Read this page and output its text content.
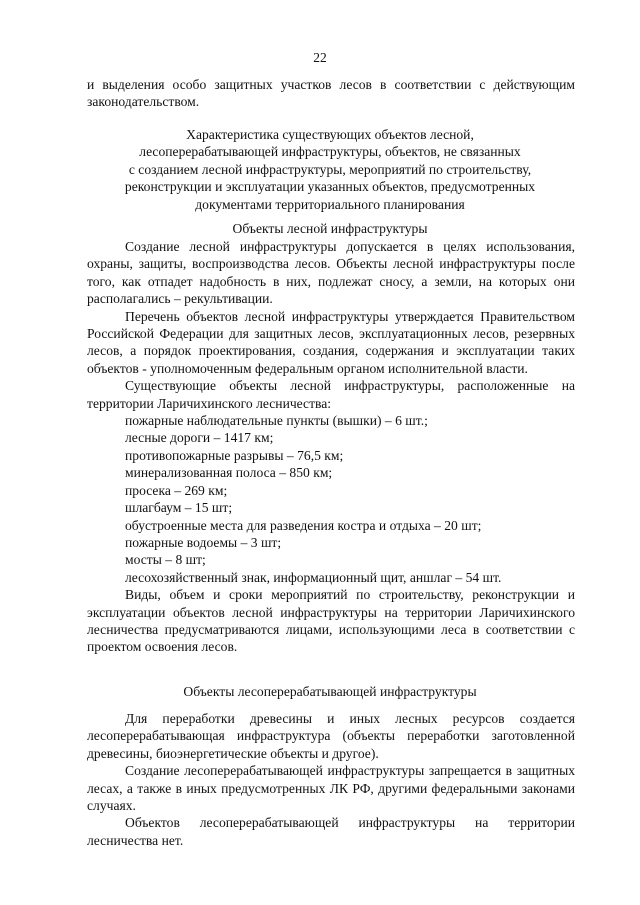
22

и выделения особо защитных участков лесов в соответствии с действующим законодательством.

Характеристика существующих объектов лесной,
лесоперерабатывающей инфраструктуры, объектов, не связанных
с созданием лесной инфраструктуры, мероприятий по строительству,
реконструкции и эксплуатации указанных объектов, предусмотренных
документами территориального планирования
Объекты лесной инфраструктуры

Создание лесной инфраструктуры допускается в целях использования, охраны, защиты, воспроизводства лесов. Объекты лесной инфраструктуры после того, как отпадет надобность в них, подлежат сносу, а земли, на которых они располагались – рекультивации.

Перечень объектов лесной инфраструктуры утверждается Правительством Российской Федерации для защитных лесов, эксплуатационных лесов, резервных лесов, а порядок проектирования, создания, содержания и эксплуатации таких объектов - уполномоченным федеральным органом исполнительной власти.

Существующие объекты лесной инфраструктуры, расположенные на территории Ларичихинского лесничества:

пожарные наблюдательные пункты (вышки) – 6 шт.;
лесные дороги – 1417 км;
противопожарные разрывы – 76,5 км;
минерализованная полоса – 850 км;
просека – 269 км;
шлагбаум – 15 шт;
обустроенные места для разведения костра и отдыха – 20 шт;
пожарные водоемы – 3 шт;
мосты – 8 шт;
лесохозяйственный знак, информационный щит, аншлаг – 54 шт.

Виды, объем и сроки мероприятий по строительству, реконструкции и эксплуатации объектов лесной инфраструктуры на территории Ларичихинского лесничества предусматриваются лицами, использующими леса в соответствии с проектом освоения лесов.

Объекты лесоперерабатывающей инфраструктуры

Для переработки древесины и иных лесных ресурсов создается лесоперерабатывающая инфраструктура (объекты переработки заготовленной древесины, биоэнергетические объекты и другое).

Создание лесоперерабатывающей инфраструктуры запрещается в защитных лесах, а также в иных предусмотренных ЛК РФ, другими федеральными законами случаях.

Объектов лесоперерабатывающей инфраструктуры на территории лесничества нет.
